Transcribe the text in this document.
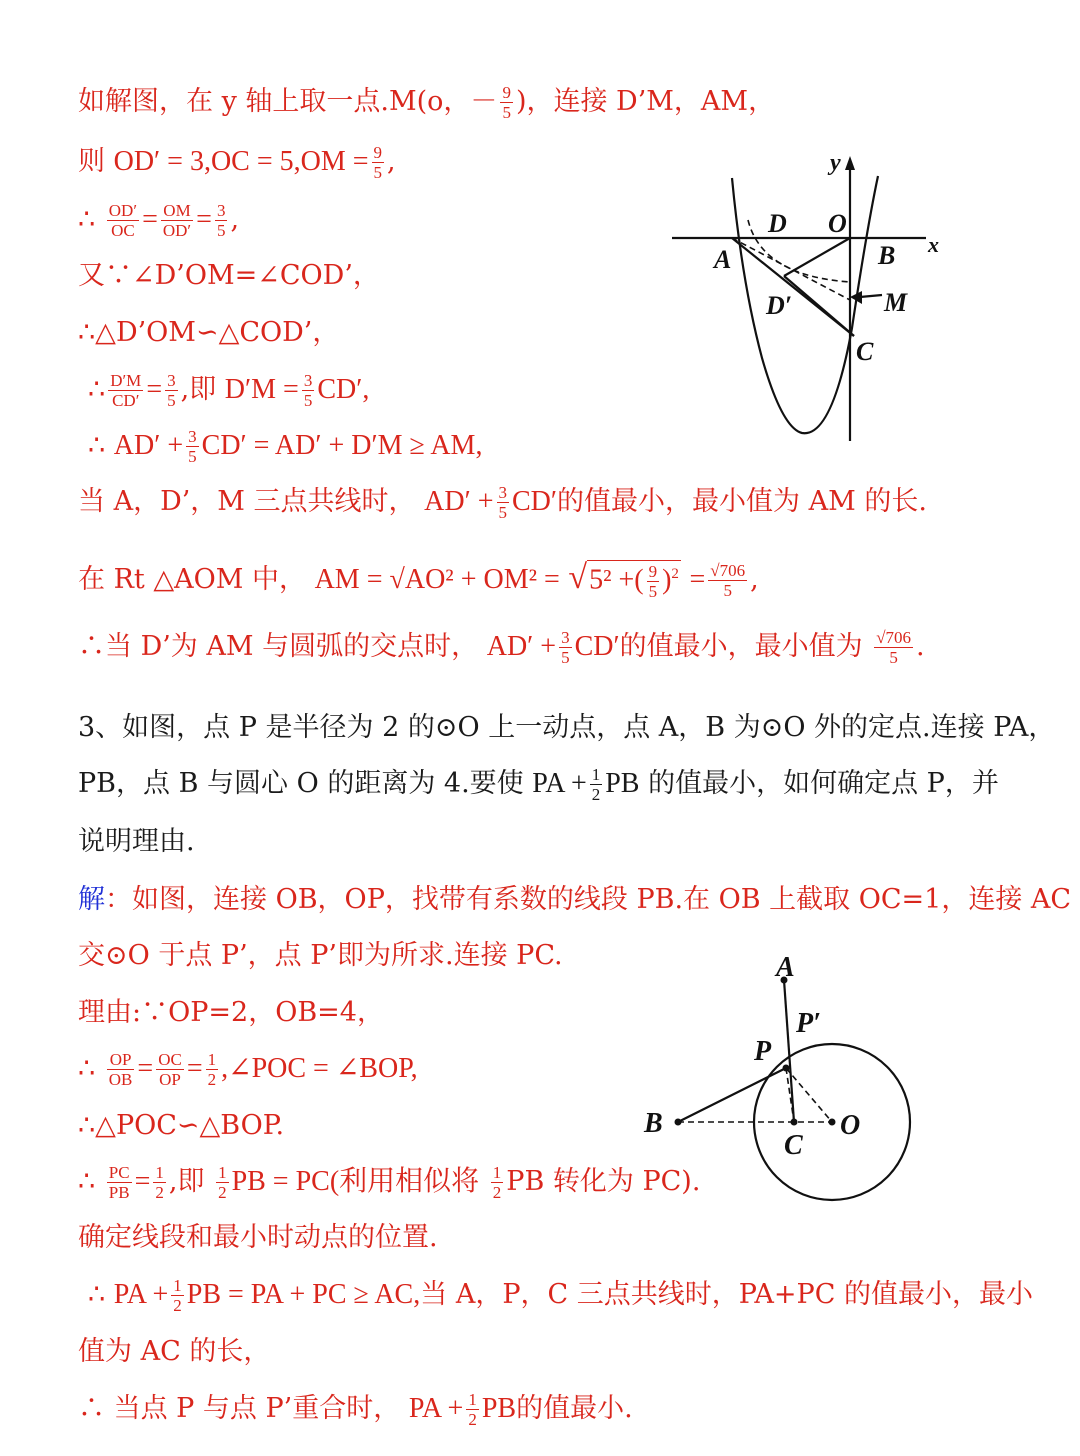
如解图，在 y 轴上取一点.M(o，－ $\frac{9}{5}$ )，连接 D’M，AM，
则 $OD' = 3,OC = 5,OM = \frac{9}{5}$ ,
∴ $\frac{OD'}{OC} = \frac{OM}{OD'} = \frac{3}{5}$ ,
又∵∠D’OM=∠COD’，
∴△D’OM∽△COD’，
∴ $\frac{D'M}{CD'} = \frac{3}{5}$ ,即 $D'M = \frac{3}{5} CD'$,
∴ $AD' + \frac{3}{5} CD' = AD' + D'M$ ≥ AM,
当 A，D’，M 三点共线时， $AD' + \frac{3}{5} CD'$的值最小，最小值为 AM 的长.
在 Rt △AOM 中， AM = √AO² + OM² = √5² +( $\frac{9}{5} )^2 = \frac{√706}{5}$ ,
∴当 D’为 AM 与圆弧的交点时， $AD' + \frac{3}{5} CD'$的值最小，最小值为 $\frac{√706}{5}$ .
3、如图，点 P 是半径为 2 的⊙O 上一动点，点 A，B 为⊙O 外的定点.连接 PA，
PB，点 B 与圆心 O 的距离为 4.要使 PA + $\frac{1}{2}$ PB 的值最小，如何确定点 P，并
说明理由.
解：如图，连接 OB，OP，找带有系数的线段 PB.在 OB 上截取 OC=1，连接 AC
交⊙O 于点 P’，点 P’即为所求.连接 PC.
理由:∵OP=2，OB=4，
∴ $\frac{OP}{OB} = \frac{OC}{OP} = \frac{1}{2}$ ,∠POC = ∠BOP,
∴△POC∽△BOP.
∴ $\frac{PC}{PB} = \frac{1}{2}$ ,即 $\frac{1}{2}$ PB = PC(利用相似将 $\frac{1}{2}$ PB 转化为 PC).
确定线段和最小时动点的位置.
∴ PA + $\frac{1}{2}$ PB = PA + PC ≥ AC,当 A，P，C 三点共线时，PA+PC 的值最小，最小
值为 AC 的长，
∴ 当点 P 与点 P’重合时， PA + $\frac{1}{2}$ PB的值最小.
y
x
D O
A	B
D′	M
C
A
P
P′
B	O
C
